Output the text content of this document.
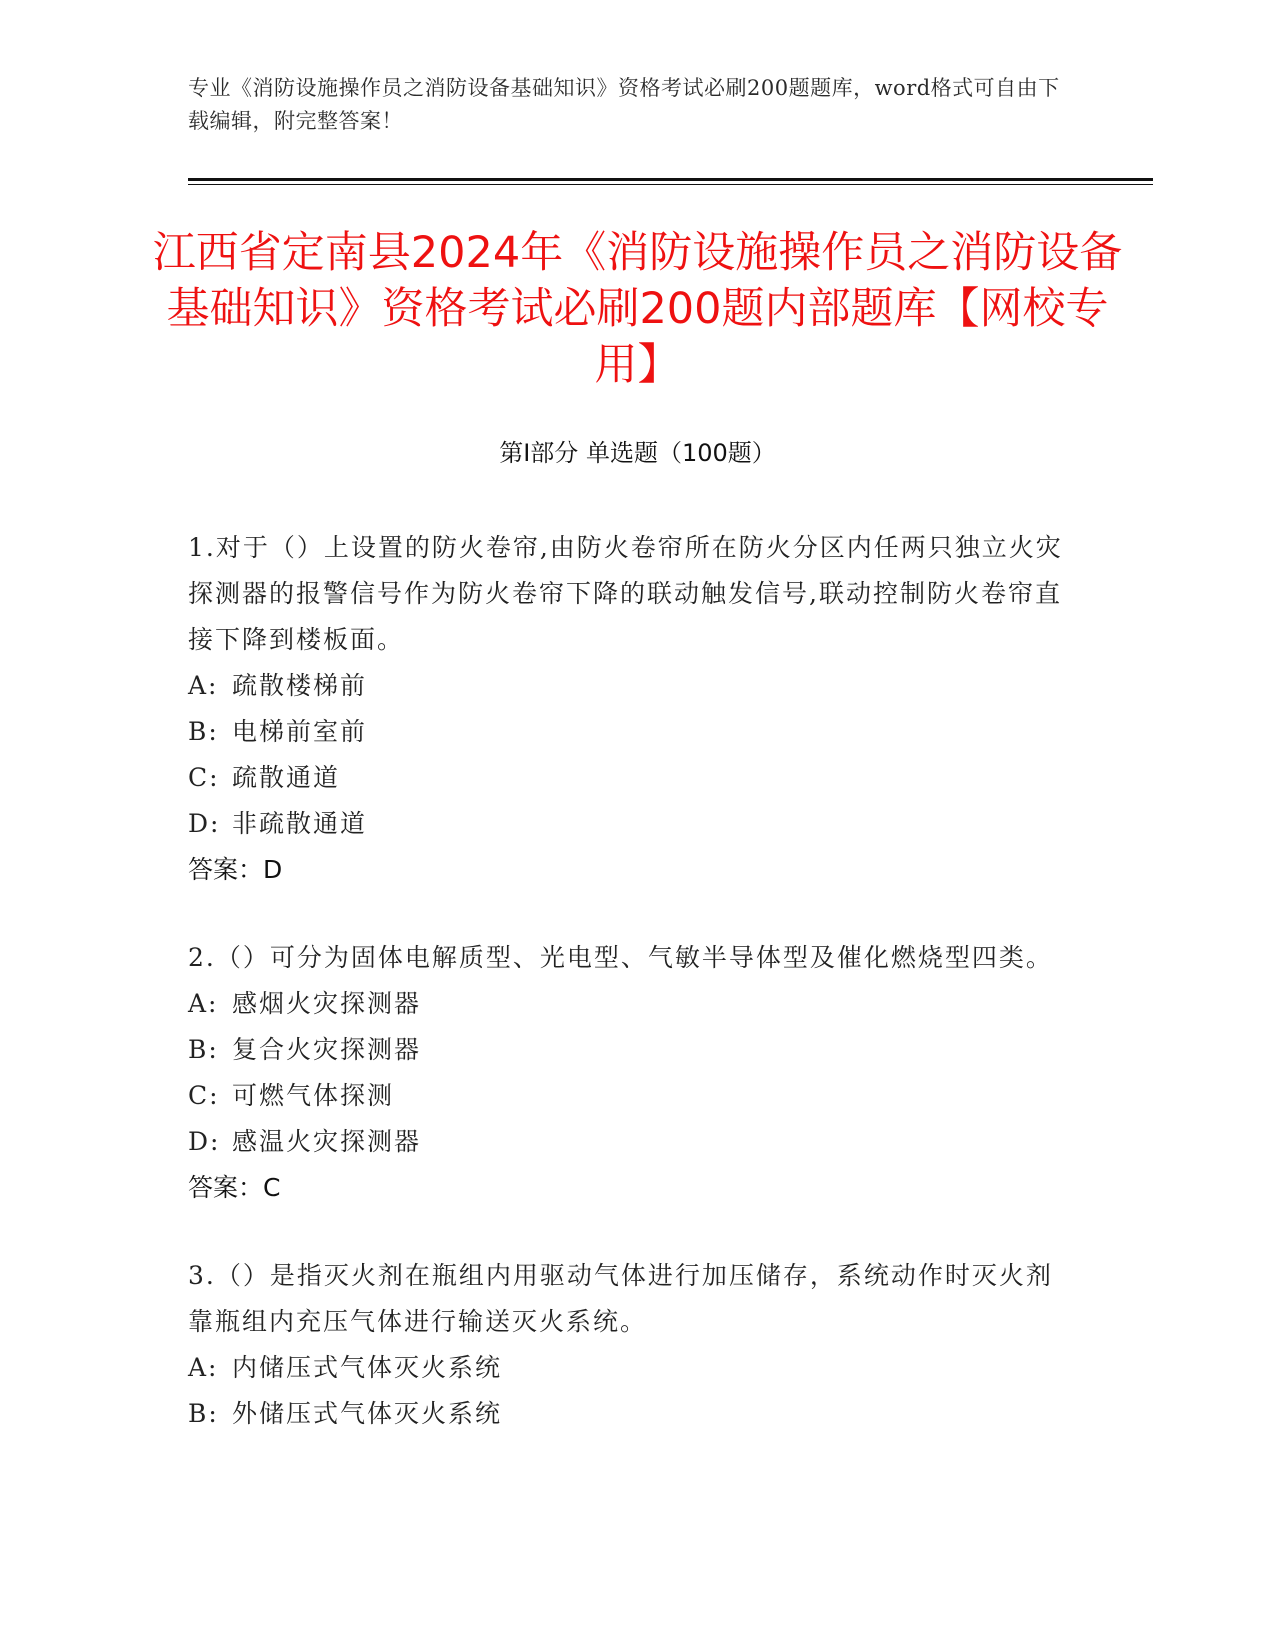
专业《消防设施操作员之消防设备基础知识》资格考试必刷200题题库，word格式可自由下载编辑，附完整答案！
江西省定南县2024年《消防设施操作员之消防设备基础知识》资格考试必刷200题内部题库【网校专用】
第I部分 单选题（100题）
1.对于（）上设置的防火卷帘,由防火卷帘所在防火分区内任两只独立火灾探测器的报警信号作为防火卷帘下降的联动触发信号,联动控制防火卷帘直接下降到楼板面。
A: 疏散楼梯前
B: 电梯前室前
C: 疏散通道
D: 非疏散通道
答案：D
2.（）可分为固体电解质型、光电型、气敏半导体型及催化燃烧型四类。
A: 感烟火灾探测器
B: 复合火灾探测器
C: 可燃气体探测
D: 感温火灾探测器
答案：C
3.（）是指灭火剂在瓶组内用驱动气体进行加压储存，系统动作时灭火剂靠瓶组内充压气体进行输送灭火系统。
A: 内储压式气体灭火系统
B: 外储压式气体灭火系统
